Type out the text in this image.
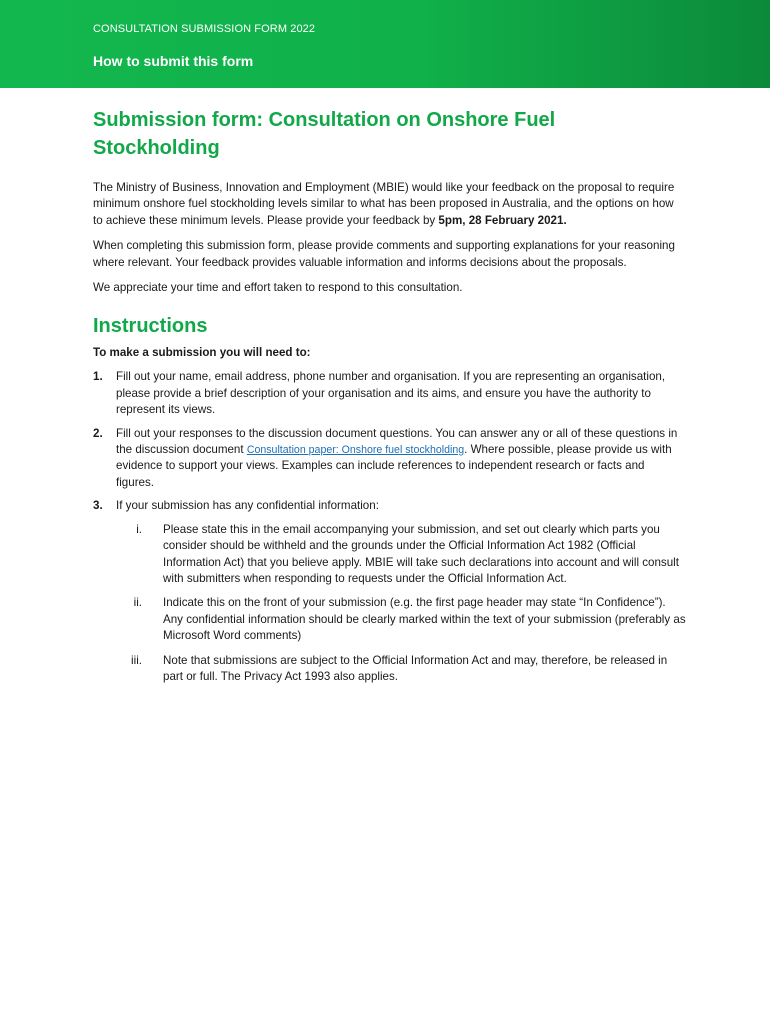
CONSULTATION SUBMISSION FORM 2022
How to submit this form
Submission form: Consultation on Onshore Fuel Stockholding

The Ministry of Business, Innovation and Employment (MBIE) would like your feedback on the proposal to require minimum onshore fuel stockholding levels similar to what has been proposed in Australia, and the options on how to achieve these minimum levels. Please provide your feedback by 5pm, 28 February 2021.

When completing this submission form, please provide comments and supporting explanations for your reasoning where relevant. Your feedback provides valuable information and informs decisions about the proposals.

We appreciate your time and effort taken to respond to this consultation.

Instructions

To make a submission you will need to:

1. Fill out your name, email address, phone number and organisation. If you are representing an organisation, please provide a brief description of your organisation and its aims, and ensure you have the authority to represent its views.
2. Fill out your responses to the discussion document questions. You can answer any or all of these questions in the discussion document Consultation paper: Onshore fuel stockholding. Where possible, please provide us with evidence to support your views. Examples can include references to independent research or facts and figures.
3. If your submission has any confidential information:
i. Please state this in the email accompanying your submission, and set out clearly which parts you consider should be withheld and the grounds under the Official Information Act 1982 (Official Information Act) that you believe apply. MBIE will take such declarations into account and will consult with submitters when responding to requests under the Official Information Act.
ii. Indicate this on the front of your submission (e.g. the first page header may state “In Confidence”). Any confidential information should be clearly marked within the text of your submission (preferably as Microsoft Word comments)
iii. Note that submissions are subject to the Official Information Act and may, therefore, be released in part or full. The Privacy Act 1993 also applies.
